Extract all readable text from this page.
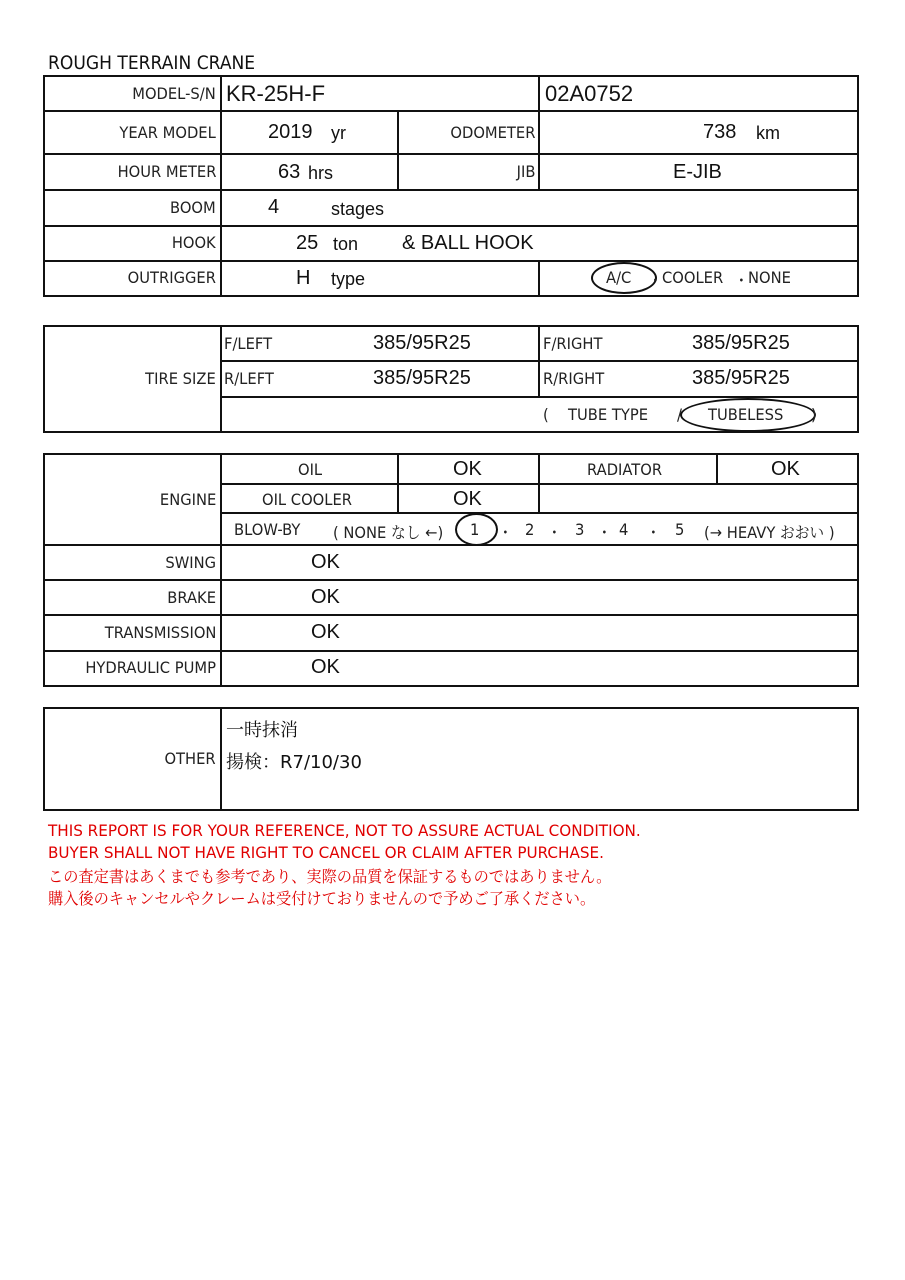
ROUGH TERRAIN CRANE
MODEL-S/N KR-25H-F	02A0752
YEAR MODEL	2019 yr	ODOMETER	738 km
HOUR METER	63 hrs	JIB	E-JIB
BOOM	4	stages
HOOK	25 ton & BALL HOOK
OUTRIGGER	H type	A/C ・ COOLER ・ NONE
TIRE SIZE
F/LEFT	385/95R25	F/RIGHT	385/95R25
R/LEFT	385/95R25	R/RIGHT	385/95R25
( TUBE TYPE / TUBELESS )
ENGINE
OIL	OK	RADIATOR	OK
OIL COOLER	OK
BLOW-BY ( NONE なし ←) 1 ・ 2 ・ 3 ・ 4 ・ 5 (→ HEAVY おおい )
SWING	OK
BRAKE	OK
TRANSMISSION	OK
HYDRAULIC PUMP	OK
OTHER
一時抹消
揚検：R7/10/30
THIS REPORT IS FOR YOUR REFERENCE, NOT TO ASSURE ACTUAL CONDITION.
BUYER SHALL NOT HAVE RIGHT TO CANCEL OR CLAIM AFTER PURCHASE.
この査定書はあくまでも参考であり、実際の品質を保証するものではありません。
購入後のキャンセルやクレームは受付けておりませんので予めご了承ください。
